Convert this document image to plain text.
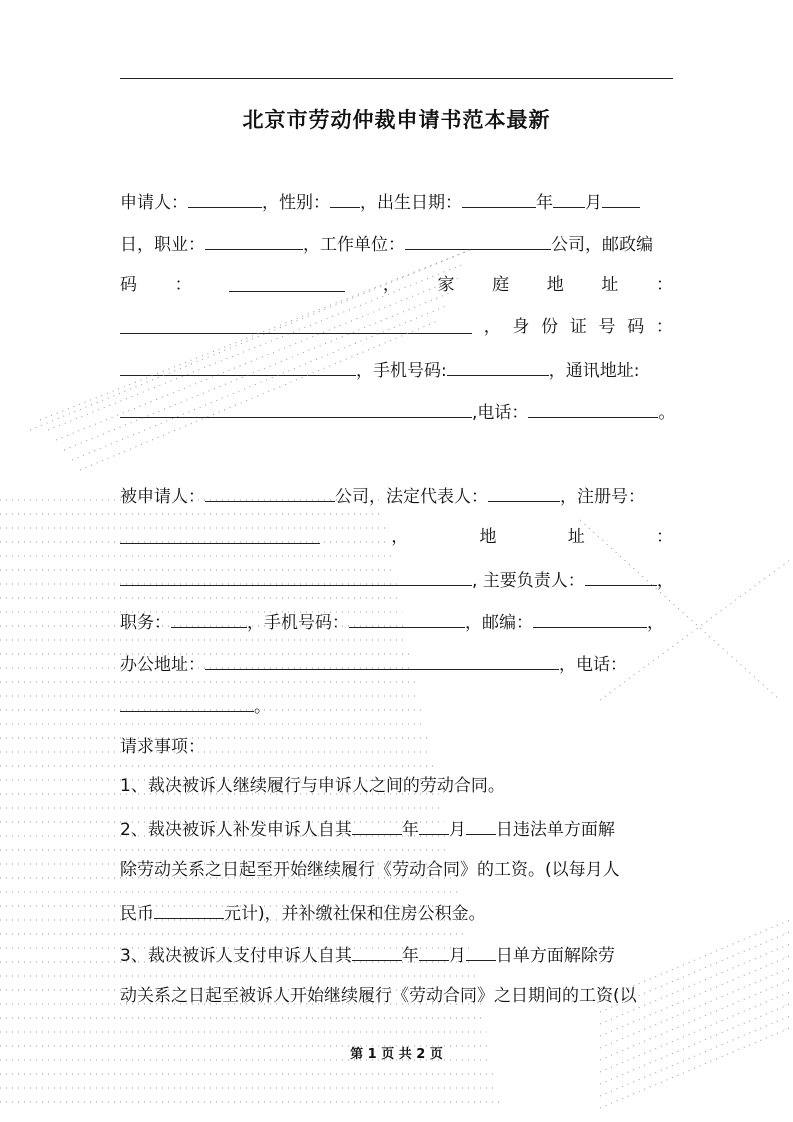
北京市劳动仲裁申请书范本最新
申请人：	，性别： ，出生日期：	年 月
日，职业：	，工作单位：	公司，邮政编
码 ：	， 家 庭 地 址 ：
， 身 份 证 号 码 ：
，手机号码:	，通讯地址:
,电话：	。
被申请人：	公司，法定代表人：	，注册号：
，	地	址	：
, 主要负责人：	，
职务：	，手机号码：	，邮编：	，
办公地址：	，电话：
。
请求事项：
1、裁决被诉人继续履行与申诉人之间的劳动合同。
2、裁决被诉人补发申诉人自其	年 月 日违法单方面解
除劳动关系之日起至开始继续履行《劳动合同》的工资。(以每月人
民币	元计)，并补缴社保和住房公积金。
3、裁决被诉人支付申诉人自其	年 月 日单方面解除劳
动关系之日起至被诉人开始继续履行《劳动合同》之日期间的工资(以
第 1 页 共 2 页
